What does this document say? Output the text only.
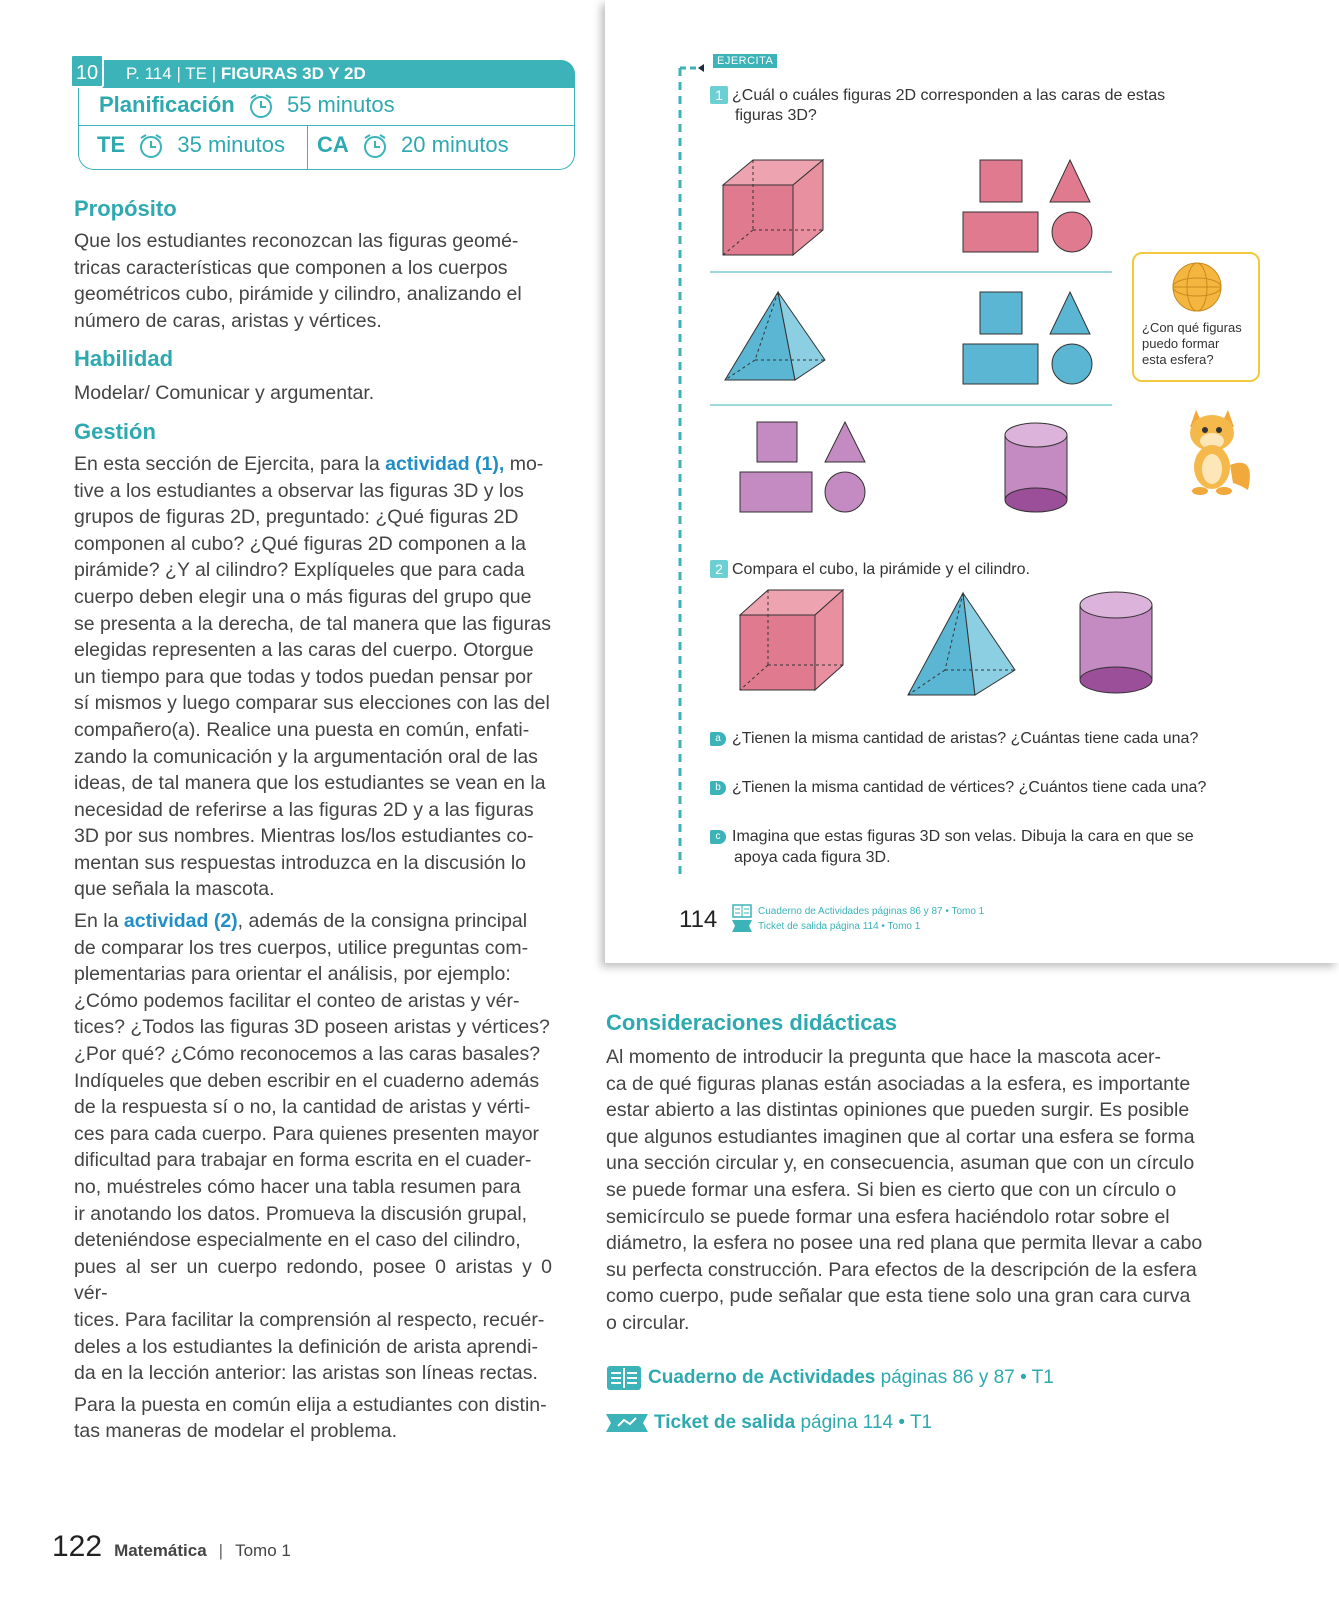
P. 114 | TE | FIGURAS 3D Y 2D
10
Planificación 55 minutos
TE 35 minutos CA 20 minutos
Propósito
Que los estudiantes reconozcan las figuras geomé-
tricas características que componen a los cuerpos
geométricos cubo, pirámide y cilindro, analizando el
número de caras, aristas y vértices.
Habilidad
Modelar/ Comunicar y argumentar.
Gestión
En esta sección de Ejercita, para la actividad (1), mo-
tive a los estudiantes a observar las figuras 3D y los
grupos de figuras 2D, preguntado: ¿Qué figuras 2D
componen al cubo? ¿Qué figuras 2D componen a la
pirámide? ¿Y al cilindro? Explíqueles que para cada
cuerpo deben elegir una o más figuras del grupo que
se presenta a la derecha, de tal manera que las figuras
elegidas representen a las caras del cuerpo. Otorgue
un tiempo para que todas y todos puedan pensar por
sí mismos y luego comparar sus elecciones con las del
compañero(a). Realice una puesta en común, enfati-
zando la comunicación y la argumentación oral de las
ideas, de tal manera que los estudiantes se vean en la
necesidad de referirse a las figuras 2D y a las figuras
3D por sus nombres. Mientras los/los estudiantes co-
mentan sus respuestas introduzca en la discusión lo
que señala la mascota.
En la actividad (2), además de la consigna principal
de comparar los tres cuerpos, utilice preguntas com-
plementarias para orientar el análisis, por ejemplo:
¿Cómo podemos facilitar el conteo de aristas y vér-
tices? ¿Todos las figuras 3D poseen aristas y vértices?
¿Por qué? ¿Cómo reconocemos a las caras basales?
Indíqueles que deben escribir en el cuaderno además
de la respuesta sí o no, la cantidad de aristas y vérti-
ces para cada cuerpo. Para quienes presenten mayor
dificultad para trabajar en forma escrita en el cuader-
no, muéstreles cómo hacer una tabla resumen para
ir anotando los datos. Promueva la discusión grupal,
deteniéndose especialmente en el caso del cilindro,
pues al ser un cuerpo redondo, posee 0 aristas y 0 vér-
tices. Para facilitar la comprensión al respecto, recuér-
deles a los estudiantes la definición de arista aprendi-
da en la lección anterior: las aristas son líneas rectas.
Para la puesta en común elija a estudiantes con distin-
tas maneras de modelar el problema.
EJERCITA
1 ¿Cuál o cuáles figuras 2D corresponden a las caras de estas
figuras 3D?
¿Con qué figuras
puedo formar
esta esfera?
2 Compara el cubo, la pirámide y el cilindro.
a ¿Tienen la misma cantidad de aristas? ¿Cuántas tiene cada una?
b ¿Tienen la misma cantidad de vértices? ¿Cuántos tiene cada una?
c Imagina que estas figuras 3D son velas. Dibuja la cara en que se
apoya cada figura 3D.
114	Cuaderno de Actividades páginas 86 y 87 • Tomo 1
Ticket de salida página 114 • Tomo 1
Consideraciones didácticas
Al momento de introducir la pregunta que hace la mascota acer-
ca de qué figuras planas están asociadas a la esfera, es importante
estar abierto a las distintas opiniones que pueden surgir. Es posible
que algunos estudiantes imaginen que al cortar una esfera se forma
una sección circular y, en consecuencia, asuman que con un círculo
se puede formar una esfera. Si bien es cierto que con un círculo o
semicírculo se puede formar una esfera haciéndolo rotar sobre el
diámetro, la esfera no posee una red plana que permita llevar a cabo
su perfecta construcción. Para efectos de la descripción de la esfera
como cuerpo, pude señalar que esta tiene solo una gran cara curva
o circular.
Cuaderno de Actividades páginas 86 y 87 • T1
Ticket de salida página 114 • T1
122 Matemática | Tomo 1
